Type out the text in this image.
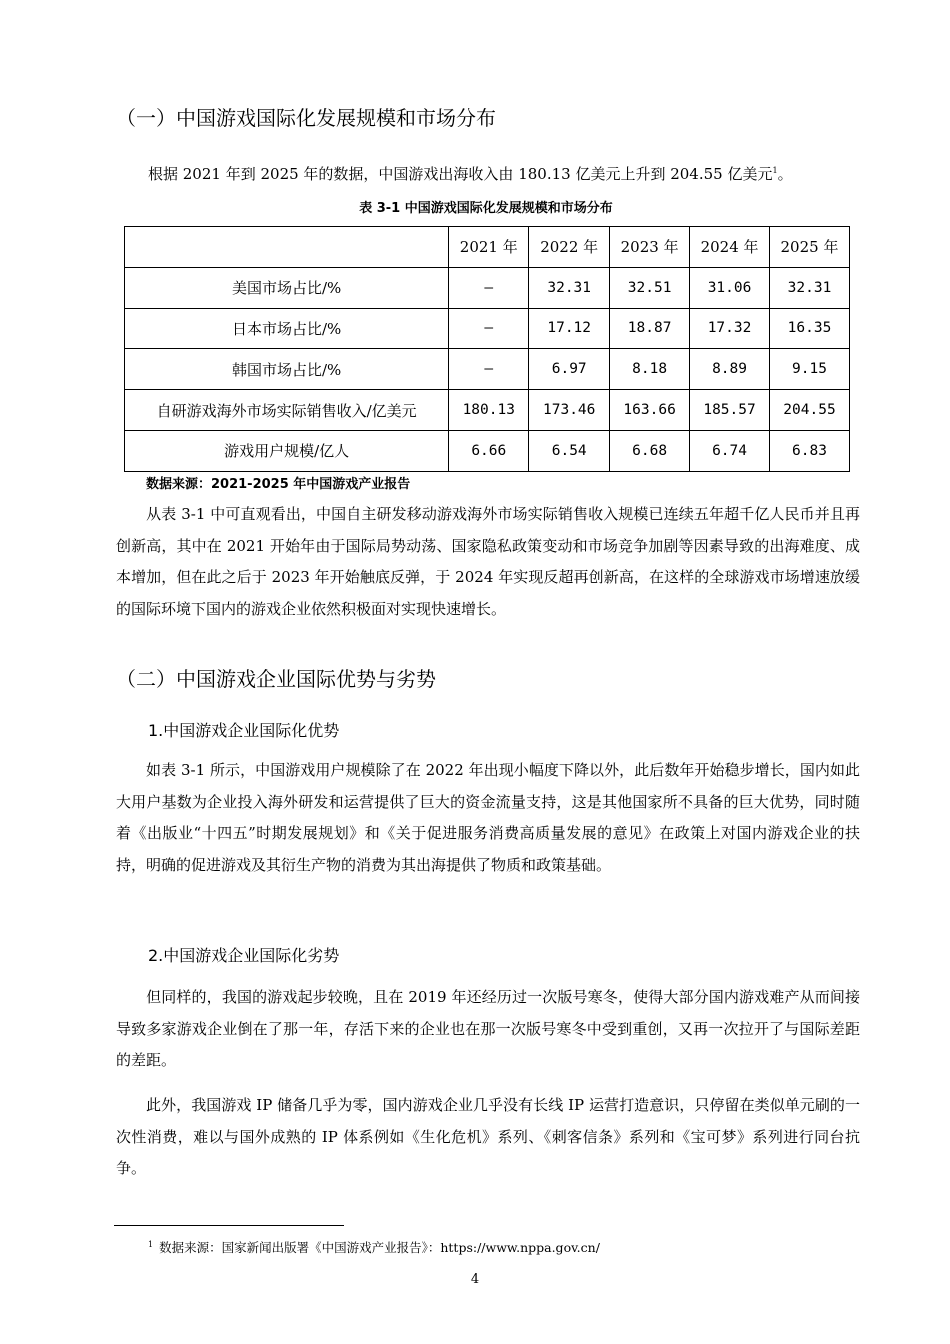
（一）中国游戏国际化发展规模和市场分布
根据 2021 年到 2025 年的数据，中国游戏出海收入由 180.13 亿美元上升到 204.55 亿美元$^1$。
表 3-1 中国游戏国际化发展规模和市场分布
	2021 年	2022 年	2023 年	2024 年	2025 年
美国市场占比/%	–	32.31	32.51	31.06	32.31
日本市场占比/%	–	17.12	18.87	17.32	16.35
韩国市场占比/%	–	6.97	8.18	8.89	9.15
自研游戏海外市场实际销售收入/亿美元	180.13	173.46	163.66	185.57	204.55
游戏用户规模/亿人	6.66	6.54	6.68	6.74	6.83
数据来源：2021-2025 年中国游戏产业报告
从表 3-1 中可直观看出，中国自主研发移动游戏海外市场实际销售收入规模已连续五年超千亿人民币并且再创新高，其中在 2021 开始年由于国际局势动荡、国家隐私政策变动和市场竞争加剧等因素导致的出海难度、成本增加，但在此之后于 2023 年开始触底反弹，于 2024 年实现反超再创新高，在这样的全球游戏市场增速放缓的国际环境下国内的游戏企业依然积极面对实现快速增长。
（二）中国游戏企业国际优势与劣势
1.中国游戏企业国际化优势
如表 3-1 所示，中国游戏用户规模除了在 2022 年出现小幅度下降以外，此后数年开始稳步增长，国内如此大用户基数为企业投入海外研发和运营提供了巨大的资金流量支持，这是其他国家所不具备的巨大优势，同时随着《出版业“十四五”时期发展规划》和《关于促进服务消费高质量发展的意见》在政策上对国内游戏企业的扶持，明确的促进游戏及其衍生产物的消费为其出海提供了物质和政策基础。
2.中国游戏企业国际化劣势
但同样的，我国的游戏起步较晚，且在 2019 年还经历过一次版号寒冬，使得大部分国内游戏难产从而间接导致多家游戏企业倒在了那一年，存活下来的企业也在那一次版号寒冬中受到重创，又再一次拉开了与国际差距的差距。
此外，我国游戏 IP 储备几乎为零，国内游戏企业几乎没有长线 IP 运营打造意识，只停留在类似单元刷的一次性消费，难以与国外成熟的 IP 体系例如《生化危机》系列、《刺客信条》系列和《宝可梦》系列进行同台抗争。
$^1$ 数据来源：国家新闻出版署《中国游戏产业报告》：https://www.nppa.gov.cn/
4
